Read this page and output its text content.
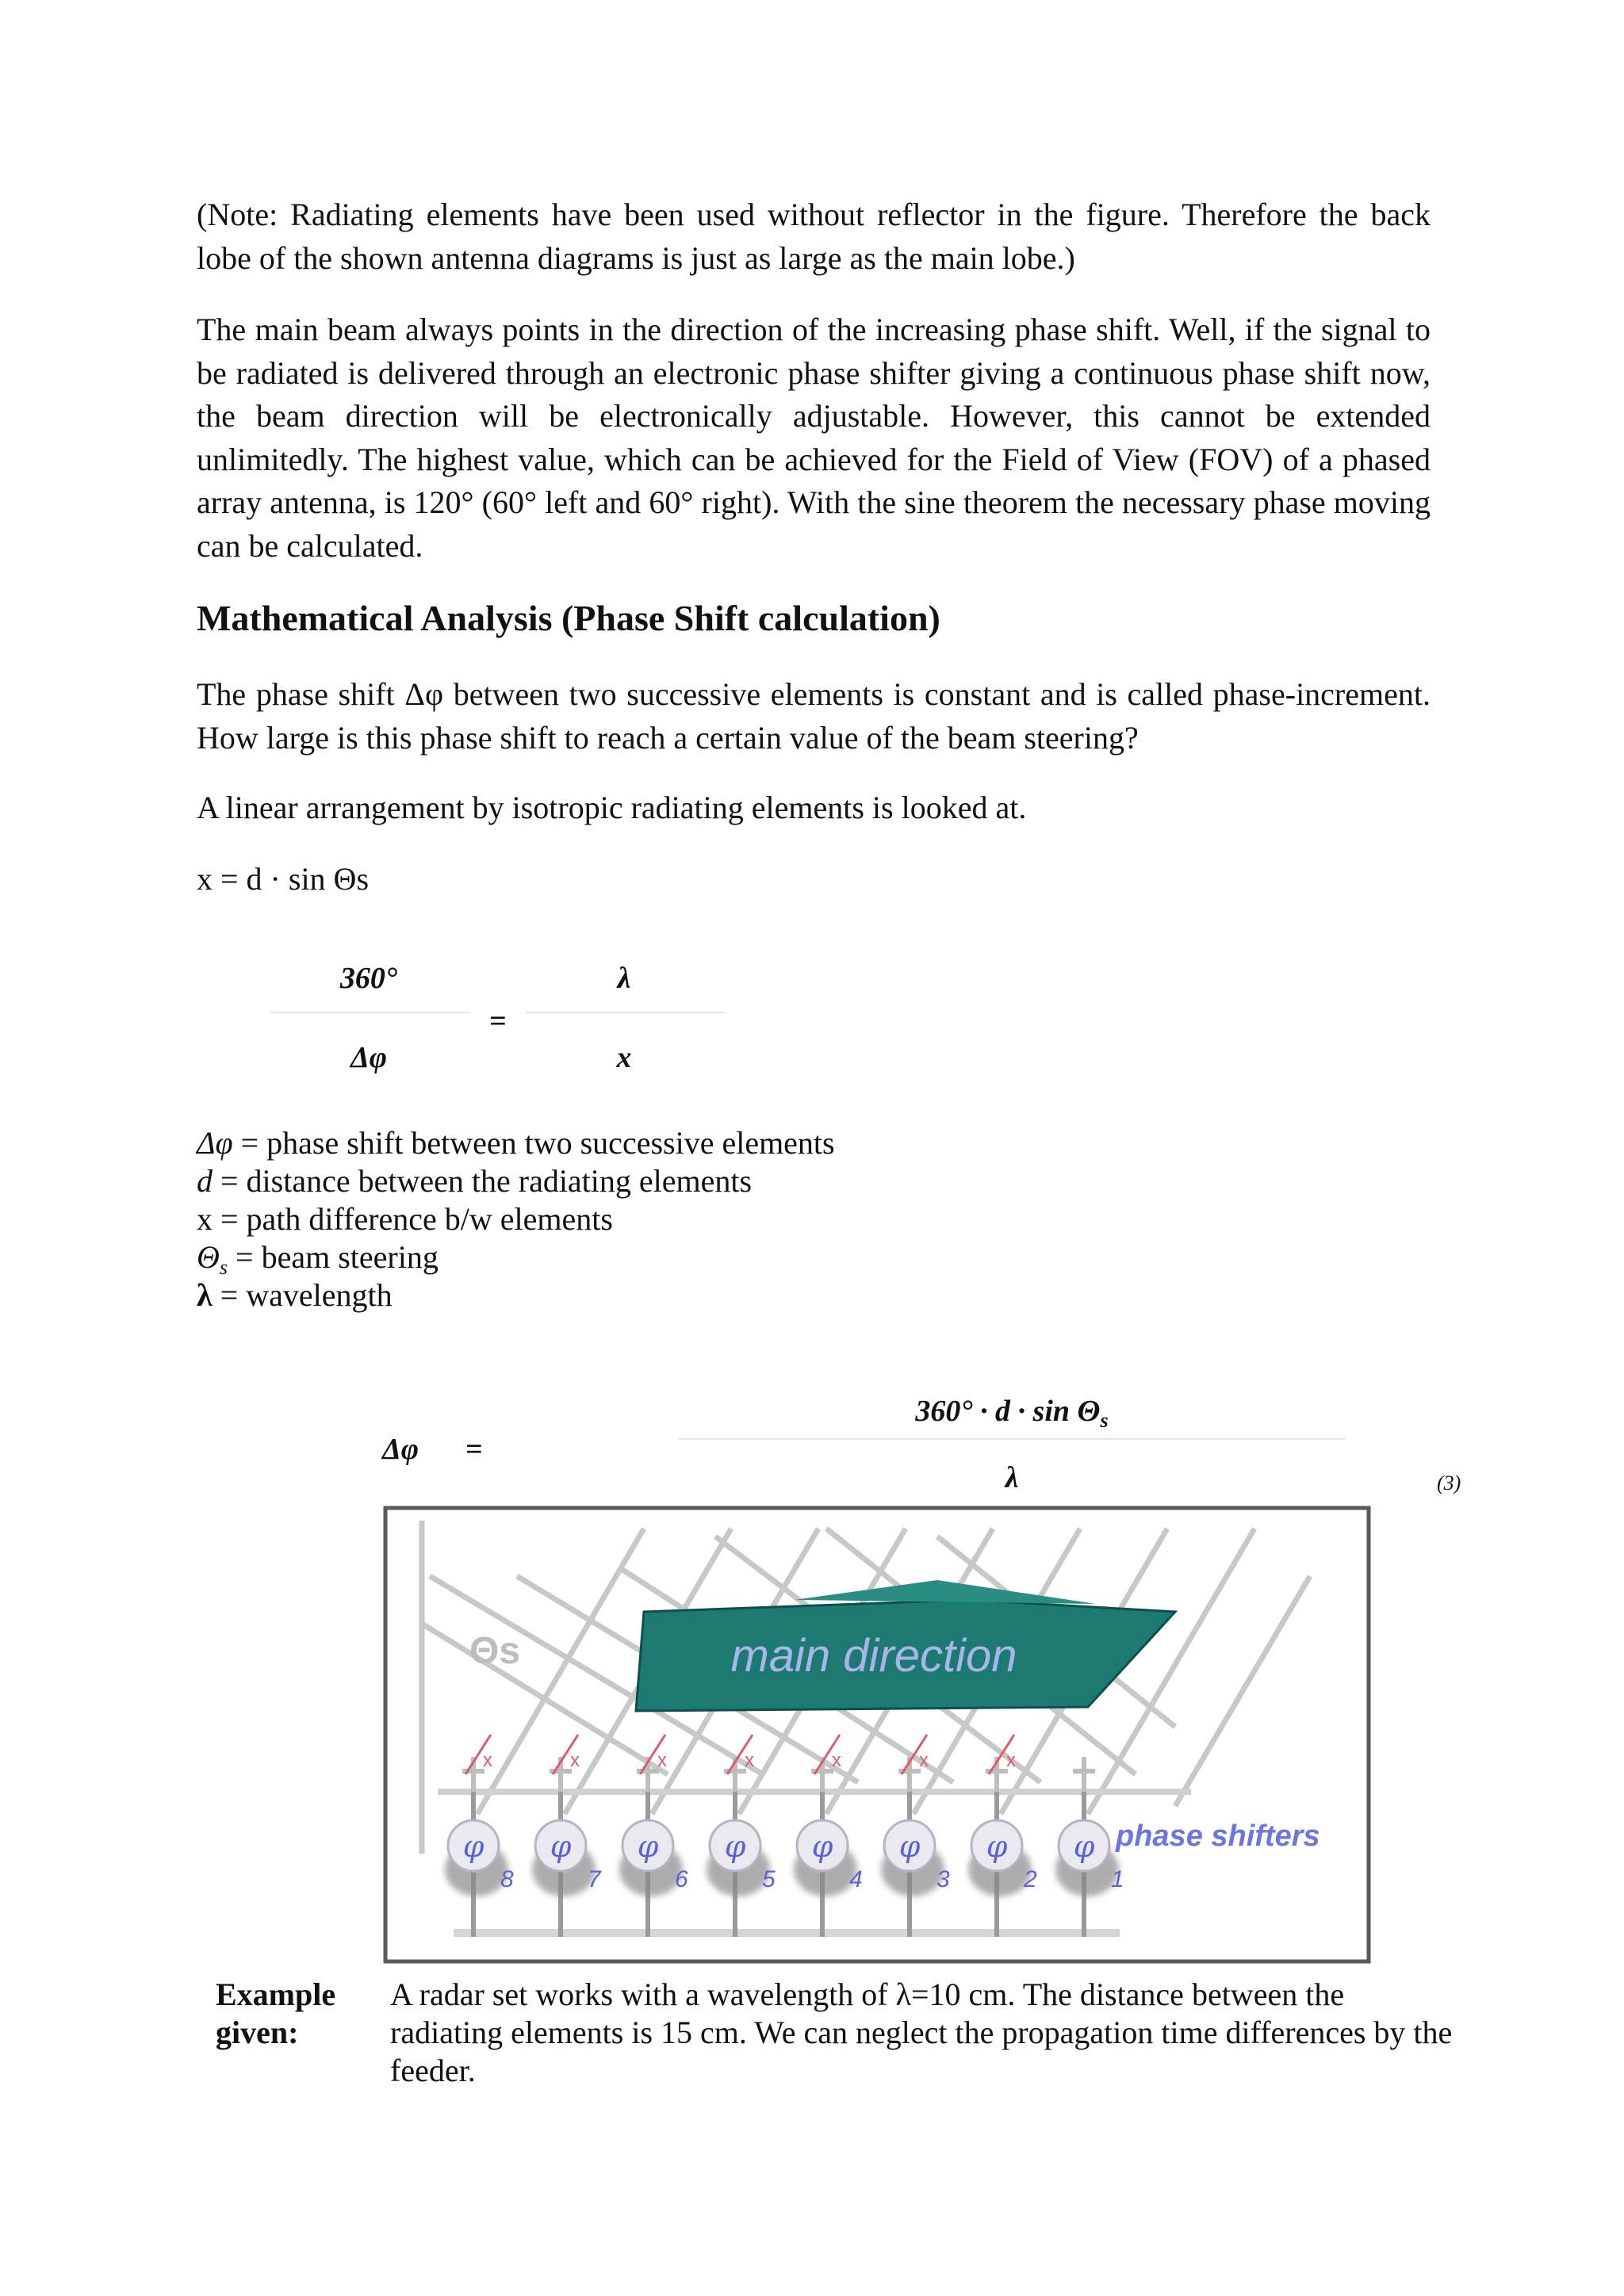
(Note: Radiating elements have been used without reflector in the figure. Therefore the back lobe of the shown antenna diagrams is just as large as the main lobe.)

The main beam always points in the direction of the increasing phase shift. Well, if the signal to be radiated is delivered through an electronic phase shifter giving a continuous phase shift now, the beam direction will be electronically adjustable. However, this cannot be extended unlimitedly. The highest value, which can be achieved for the Field of View (FOV) of a phased array antenna, is 120° (60° left and 60° right). With the sine theorem the necessary phase moving can be calculated.

Mathematical Analysis (Phase Shift calculation)

The phase shift Δφ between two successive elements is constant and is called phase-increment. How large is this phase shift to reach a certain value of the beam steering?

A linear arrangement by isotropic radiating elements is looked at.

x = d · sin Θs

360°
Δφ
=
λ
x
Δφ = phase shift between two successive elements
d = distance between the radiating elements
x = path difference b/w elements
$\Theta_s$ = beam steering
λ = wavelength
Δφ	=
$360^\circ \cdot d \cdot \sin \Theta_s$
λ	(3)
main direction
Θs
x
φ
8
x
φ
7
x
φ
6
x
φ
5
x
φ
4
x
φ
3
x
φ
2
φ
1
phase shifters
Example
given:
A radar set works with a wavelength of λ=10 cm. The distance between the radiating elements is 15 cm. We can neglect the propagation time differences by the feeder.
